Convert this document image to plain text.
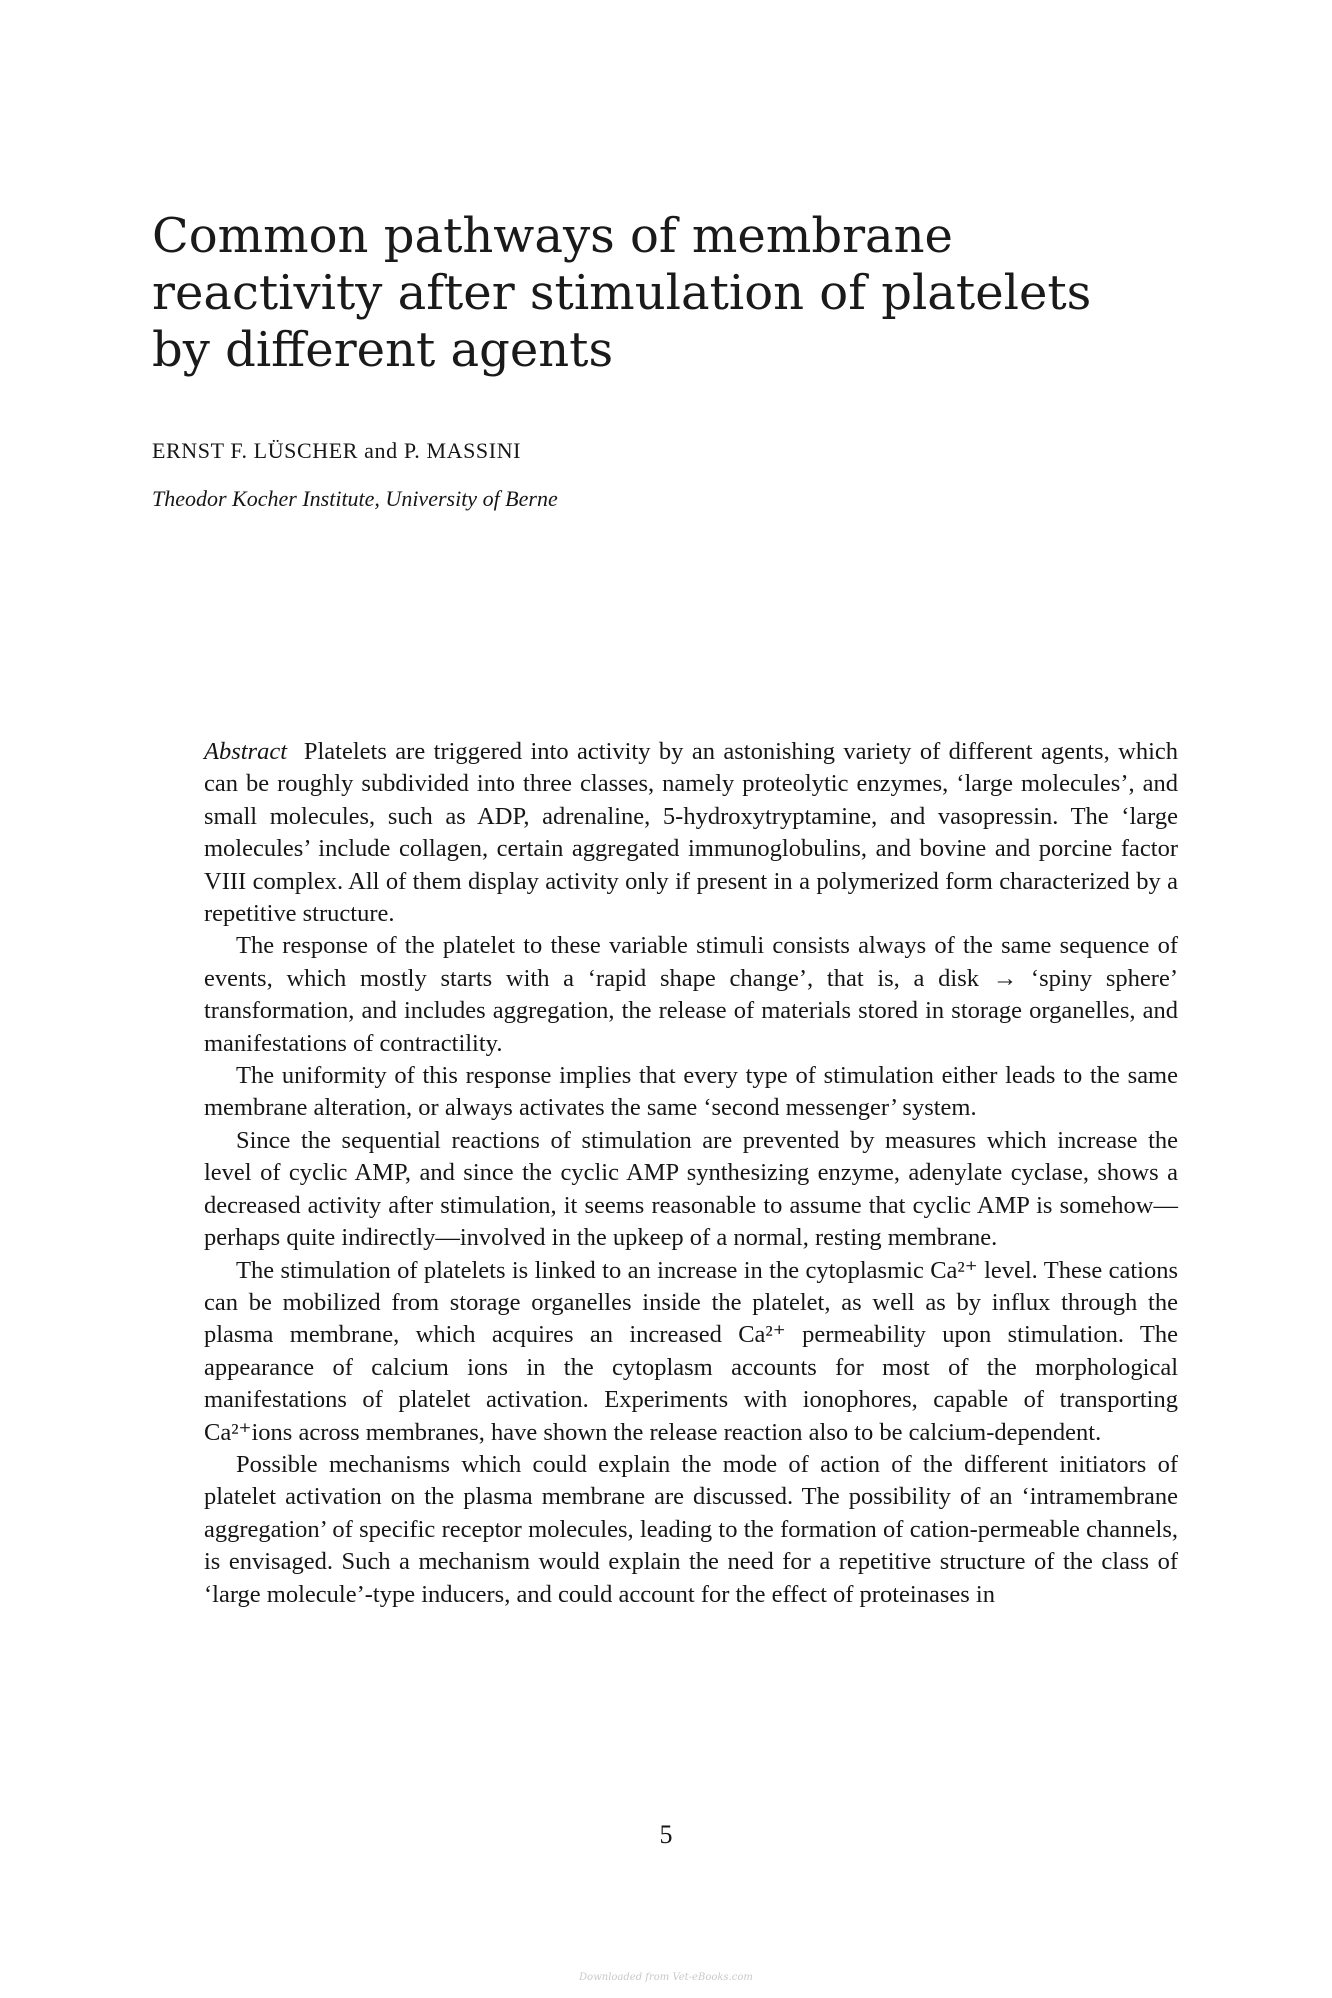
Common pathways of membrane
reactivity after stimulation of platelets
by different agents
ERNST F. LÜSCHER and P. MASSINI
Theodor Kocher Institute, University of Berne

Abstract Platelets are triggered into activity by an astonishing variety of different agents, which can be roughly subdivided into three classes, namely proteolytic enzymes, ‘large molecules’, and small molecules, such as ADP, adrenaline, 5-hydroxytryptamine, and vasopressin. The ‘large molecules’ include collagen, certain aggregated immunoglobulins, and bovine and porcine factor VIII complex. All of them display activity only if present in a polymerized form characterized by a repetitive structure.

The response of the platelet to these variable stimuli consists always of the same sequence of events, which mostly starts with a ‘rapid shape change’, that is, a disk → ‘spiny sphere’ transformation, and includes aggregation, the release of materials stored in storage organelles, and manifestations of contractility.

The uniformity of this response implies that every type of stimulation either leads to the same membrane alteration, or always activates the same ‘second messenger’ system.

Since the sequential reactions of stimulation are prevented by measures which increase the level of cyclic AMP, and since the cyclic AMP synthesizing enzyme, adenylate cyclase, shows a decreased activity after stimulation, it seems reasonable to assume that cyclic AMP is somehow—perhaps quite indirectly—involved in the upkeep of a normal, resting membrane.

The stimulation of platelets is linked to an increase in the cytoplasmic Ca²⁺ level. These cations can be mobilized from storage organelles inside the platelet, as well as by influx through the plasma membrane, which acquires an increased Ca²⁺ permeability upon stimulation. The appearance of calcium ions in the cytoplasm accounts for most of the morphological manifestations of platelet activation. Experiments with ionophores, capable of transporting Ca²⁺ions across membranes, have shown the release reaction also to be calcium-dependent.

Possible mechanisms which could explain the mode of action of the different initiators of platelet activation on the plasma membrane are discussed. The possibility of an ‘intramembrane aggregation’ of specific receptor molecules, leading to the formation of cation-permeable channels, is envisaged. Such a mechanism would explain the need for a repetitive structure of the class of ‘large molecule’-type inducers, and could account for the effect of proteinases in

5
Downloaded from Vet-eBooks.com
